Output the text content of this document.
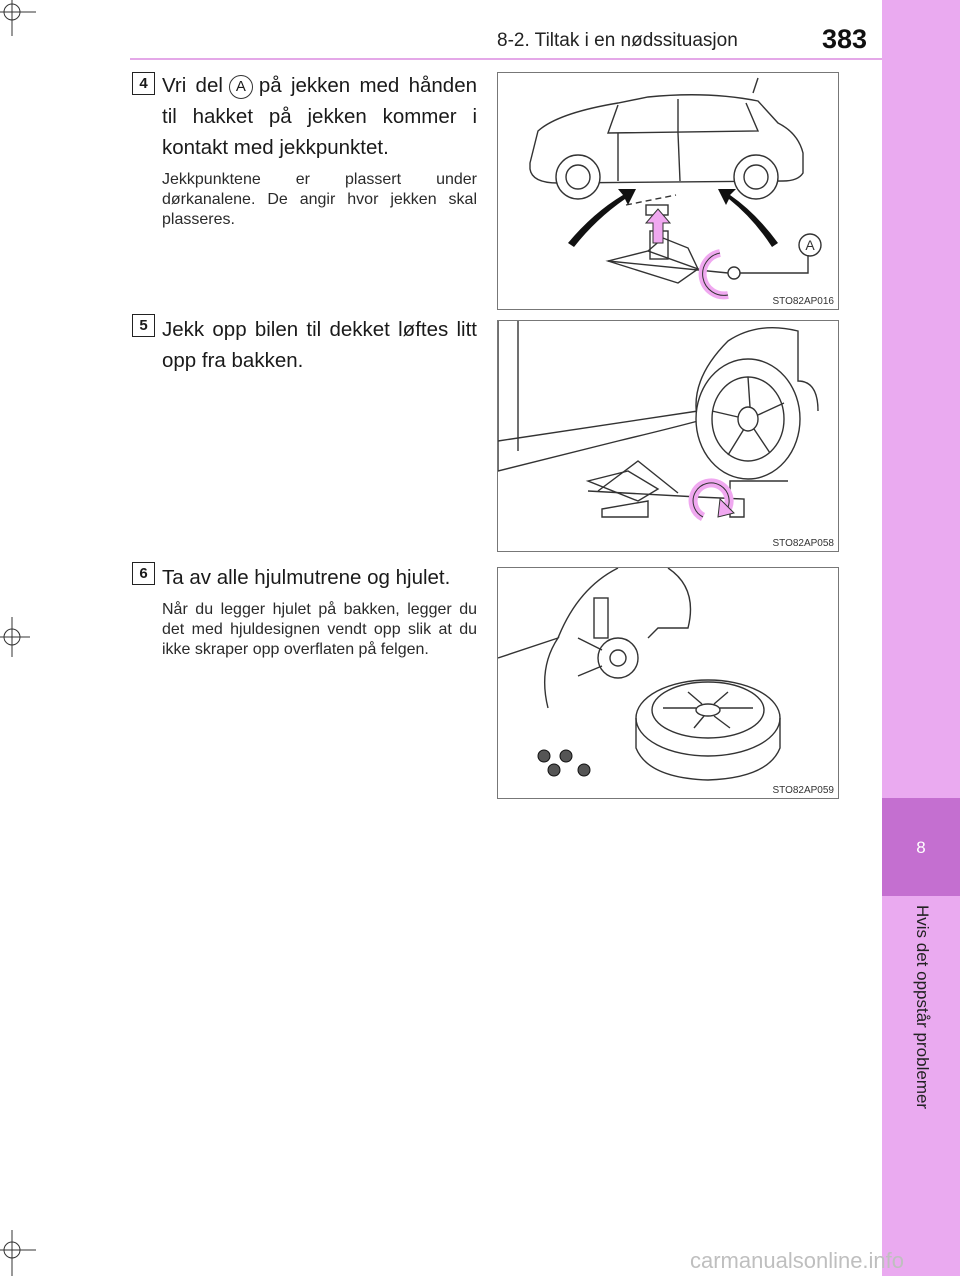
8
Hvis det oppstår problemer
8-2. Tiltak i en nødssituasjon	383
4 Vri del A på jekken med hånden til hakket på jekken kommer i kontakt med jekkpunktet.
Jekkpunktene er plassert under dørkanalene. De angir hvor jekken skal plasseres.
A
STO82AP016
5 Jekk opp bilen til dekket løftes litt opp fra bakken.
STO82AP058
6 Ta av alle hjulmutrene og hjulet.
Når du legger hjulet på bakken, legger du det med hjuldesignen vendt opp slik at du ikke skraper opp overflaten på felgen.
STO82AP059
carmanualsonline.info
